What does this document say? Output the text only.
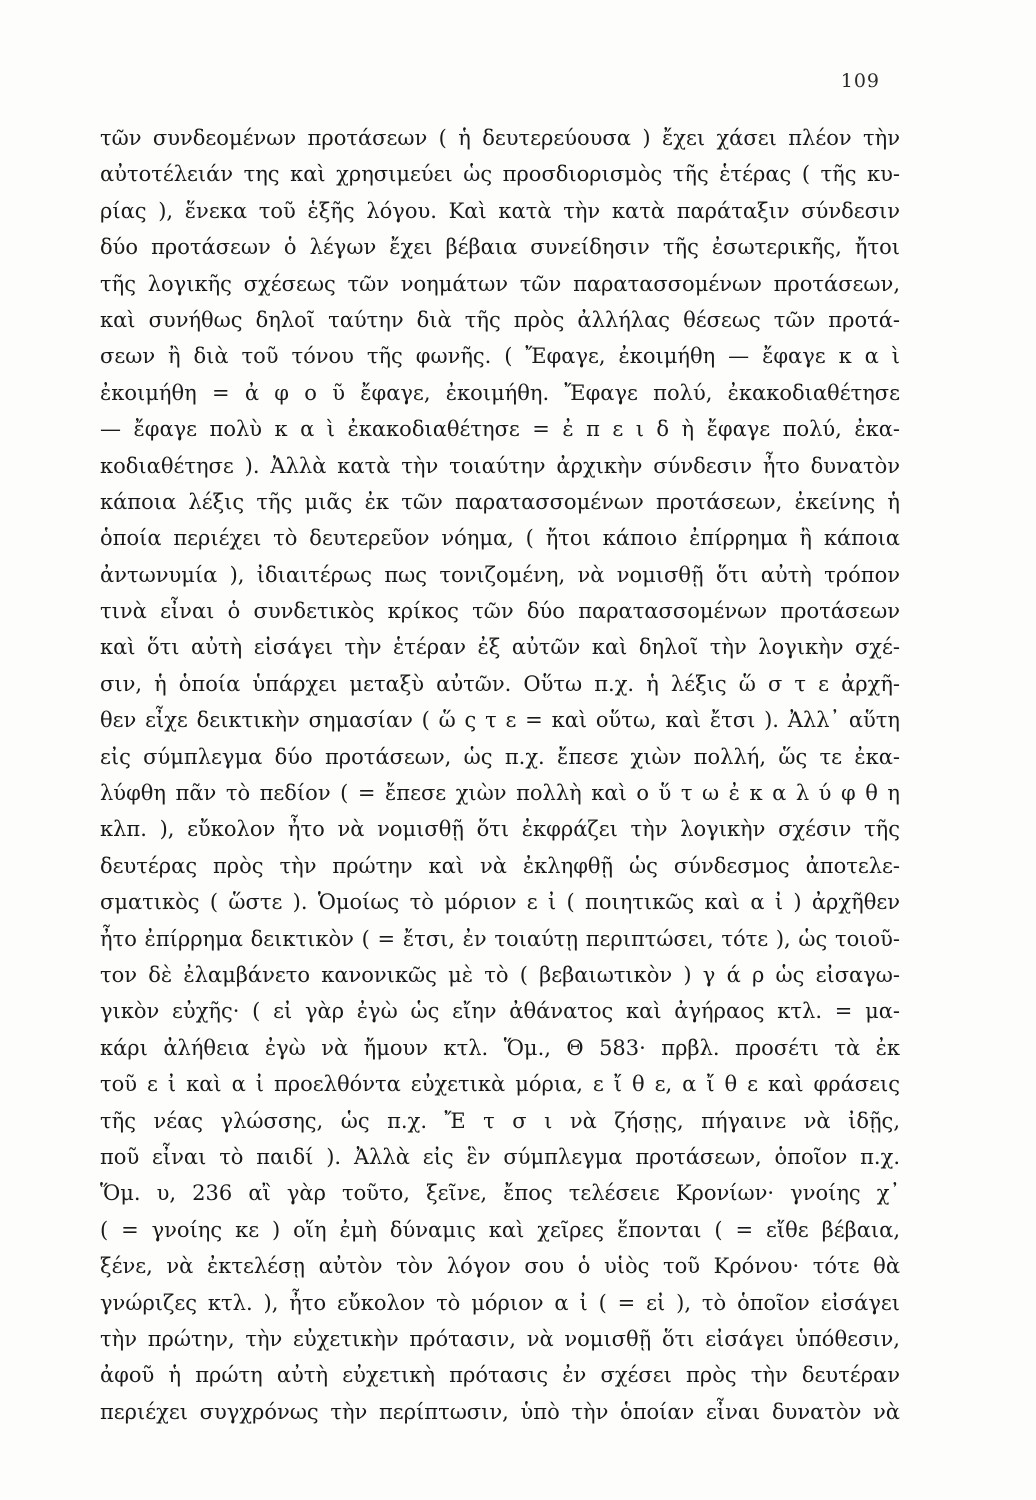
109
τῶν συνδεομένων προτάσεων ( ἡ δευτερεύουσα ) ἔχει χάσει πλέον τὴν
αὐτοτέλειάν της καὶ χρησιμεύει ὡς προσδιορισμὸς τῆς ἑτέρας ( τῆς κυ-
ρίας ), ἕνεκα τοῦ ἑξῆς λόγου. Καὶ κατὰ τὴν κατὰ παράταξιν σύνδεσιν
δύο προτάσεων ὁ λέγων ἔχει βέβαια συνείδησιν τῆς ἐσωτερικῆς, ἤτοι
τῆς λογικῆς σχέσεως τῶν νοημάτων τῶν παρατασσομένων προτάσεων,
καὶ συνήθως δηλοῖ ταύτην διὰ τῆς πρὸς ἀλλήλας θέσεως τῶν προτά-
σεων ἢ διὰ τοῦ τόνου τῆς φωνῆς. ( Ἔφαγε, ἐκοιμήθη — ἔφαγε κ α ὶ
ἐκοιμήθη = ἀ φ ο ῦ ἔφαγε, ἐκοιμήθη. Ἔφαγε πολύ, ἐκακοδιαθέτησε
— ἔφαγε πολὺ κ α ὶ ἐκακοδιαθέτησε = ἐ π ε ι δ ὴ ἔφαγε πολύ, ἐκα-
κοδιαθέτησε ). Ἀλλὰ κατὰ τὴν τοιαύτην ἀρχικὴν σύνδεσιν ἦτο δυνατὸν
κάποια λέξις τῆς μιᾶς ἐκ τῶν παρατασσομένων προτάσεων, ἐκείνης ἡ
ὁποία περιέχει τὸ δευτερεῦον νόημα, ( ἤτοι κάποιο ἐπίρρημα ἢ κάποια
ἀντωνυμία ), ἰδιαιτέρως πως τονιζομένη, νὰ νομισθῇ ὅτι αὐτὴ τρόπον
τινὰ εἶναι ὁ συνδετικὸς κρίκος τῶν δύο παρατασσομένων προτάσεων
καὶ ὅτι αὐτὴ εἰσάγει τὴν ἑτέραν ἐξ αὐτῶν καὶ δηλοῖ τὴν λογικὴν σχέ-
σιν, ἡ ὁποία ὑπάρχει μεταξὺ αὐτῶν. Οὕτω π.χ. ἡ λέξις ὥ σ τ ε ἀρχῆ-
θεν εἶχε δεικτικὴν σημασίαν ( ὥ ς τ ε = καὶ οὕτω, καὶ ἔτσι ). Ἀλλ᾽ αὕτη
εἰς σύμπλεγμα δύο προτάσεων, ὡς π.χ. ἔπεσε χιὼν πολλή, ὥς τε ἐκα-
λύφθη πᾶν τὸ πεδίον ( = ἔπεσε χιὼν πολλὴ καὶ ο ὕ τ ω ἐ κ α λ ύ φ θ η
κλπ. ), εὔκολον ἦτο νὰ νομισθῇ ὅτι ἐκφράζει τὴν λογικὴν σχέσιν τῆς
δευτέρας πρὸς τὴν πρώτην καὶ νὰ ἐκληφθῇ ὡς σύνδεσμος ἀποτελε-
σματικὸς ( ὥστε ). Ὁμοίως τὸ μόριον ε ἰ ( ποιητικῶς καὶ α ἰ ) ἀρχῆθεν
ἦτο ἐπίρρημα δεικτικὸν ( = ἔτσι, ἐν τοιαύτῃ περιπτώσει, τότε ), ὡς τοιοῦ-
τον δὲ ἐλαμβάνετο κανονικῶς μὲ τὸ ( βεβαιωτικὸν ) γ ά ρ ὡς εἰσαγω-
γικὸν εὐχῆς· ( εἰ γὰρ ἐγὼ ὡς εἴην ἀθάνατος καὶ ἀγήραος κτλ. = μα-
κάρι ἀλήθεια ἐγὼ νὰ ἤμουν κτλ. Ὅμ., Θ 583· πρβλ. προσέτι τὰ ἐκ
τοῦ ε ἰ καὶ α ἰ προελθόντα εὐχετικὰ μόρια, ε ἴ θ ε, α ἴ θ ε καὶ φράσεις
τῆς νέας γλώσσης, ὡς π.χ. Ἔ τ σ ι νὰ ζήσῃς, πήγαινε νὰ ἰδῇς,
ποῦ εἶναι τὸ παιδί ). Ἀλλὰ εἰς ἓν σύμπλεγμα προτάσεων, ὁποῖον π.χ.
Ὅμ. υ, 236 αἲ γὰρ τοῦτο, ξεῖνε, ἔπος τελέσειε Κρονίων· γνοίης χ᾽
( = γνοίης κε ) οἵη ἐμὴ δύναμις καὶ χεῖρες ἕπονται ( = εἴθε βέβαια,
ξένε, νὰ ἐκτελέσῃ αὐτὸν τὸν λόγον σου ὁ υἱὸς τοῦ Κρόνου· τότε θὰ
γνώριζες κτλ. ), ἦτο εὔκολον τὸ μόριον α ἰ ( = εἰ ), τὸ ὁποῖον εἰσάγει
τὴν πρώτην, τὴν εὐχετικὴν πρότασιν, νὰ νομισθῇ ὅτι εἰσάγει ὑπόθεσιν,
ἀφοῦ ἡ πρώτη αὐτὴ εὐχετικὴ πρότασις ἐν σχέσει πρὸς τὴν δευτέραν
περιέχει συγχρόνως τὴν περίπτωσιν, ὑπὸ τὴν ὁποίαν εἶναι δυνατὸν νὰ
